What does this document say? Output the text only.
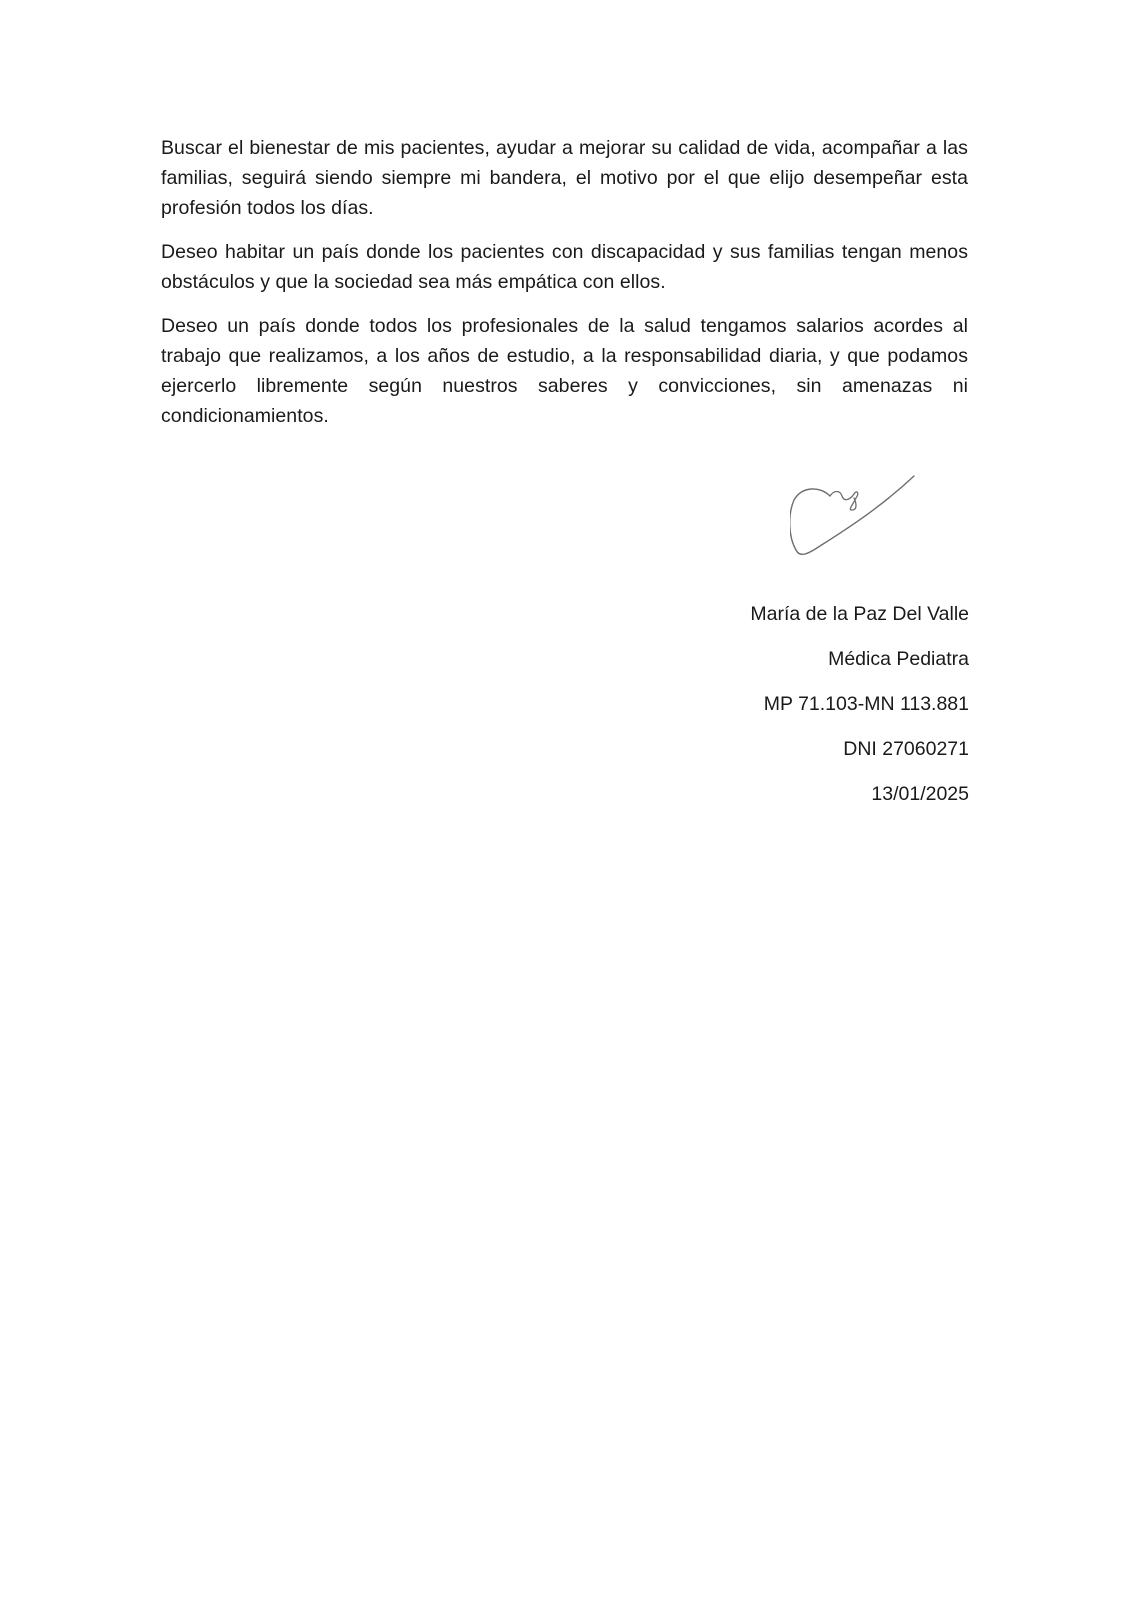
Buscar el bienestar de mis pacientes, ayudar a mejorar su calidad de vida, acompañar a las familias, seguirá siendo siempre mi bandera, el motivo por el que elijo desempeñar esta profesión todos los días.

Deseo habitar un país donde los pacientes con discapacidad y sus familias tengan menos obstáculos y que la sociedad sea más empática con ellos.

Deseo un país donde todos los profesionales de la salud tengamos salarios acordes al trabajo que realizamos, a los años de estudio, a la responsabilidad diaria, y que podamos ejercerlo libremente según nuestros saberes y convicciones, sin amenazas ni condicionamientos.

María de la Paz Del Valle

Médica Pediatra

MP 71.103-MN 113.881

DNI 27060271

13/01/2025
